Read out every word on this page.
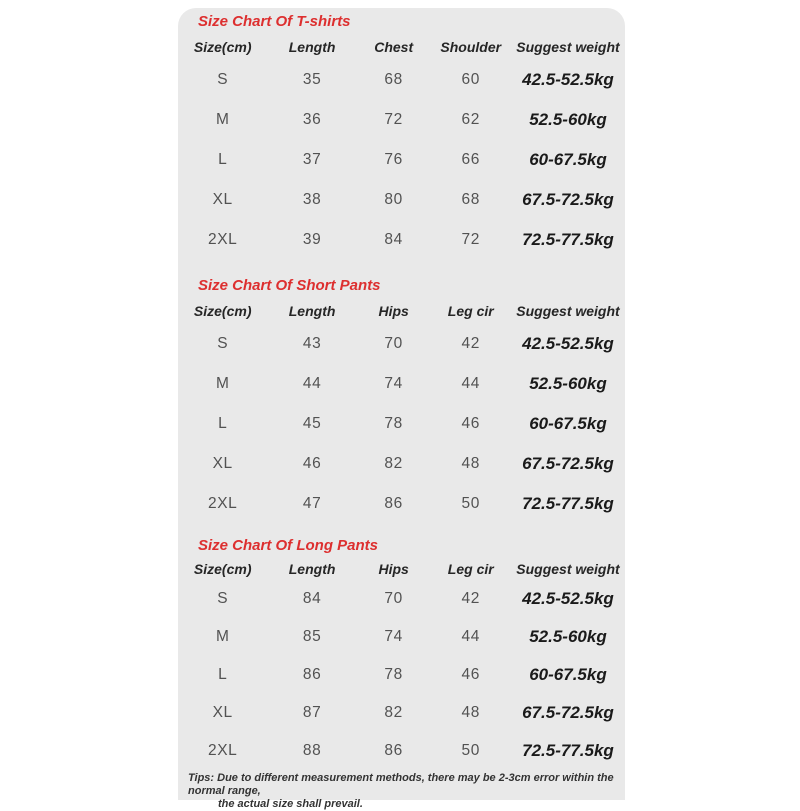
Size Chart Of T-shirts
Size(cm)	Length	Chest	Shoulder	Suggest weight
S	35	68	60	42.5-52.5kg
M	36	72	62	52.5-60kg
L	37	76	66	60-67.5kg
XL	38	80	68	67.5-72.5kg
2XL	39	84	72	72.5-77.5kg
Size Chart Of Short Pants
Size(cm)	Length	Hips	Leg cir	Suggest weight
S	43	70	42	42.5-52.5kg
M	44	74	44	52.5-60kg
L	45	78	46	60-67.5kg
XL	46	82	48	67.5-72.5kg
2XL	47	86	50	72.5-77.5kg
Size Chart Of Long Pants
Size(cm)	Length	Hips	Leg cir	Suggest weight
S	84	70	42	42.5-52.5kg
M	85	74	44	52.5-60kg
L	86	78	46	60-67.5kg
XL	87	82	48	67.5-72.5kg
2XL	88	86	50	72.5-77.5kg
Tips: Due to different measurement methods, there may be 2-3cm error within the normal range,
the actual size shall prevail.
